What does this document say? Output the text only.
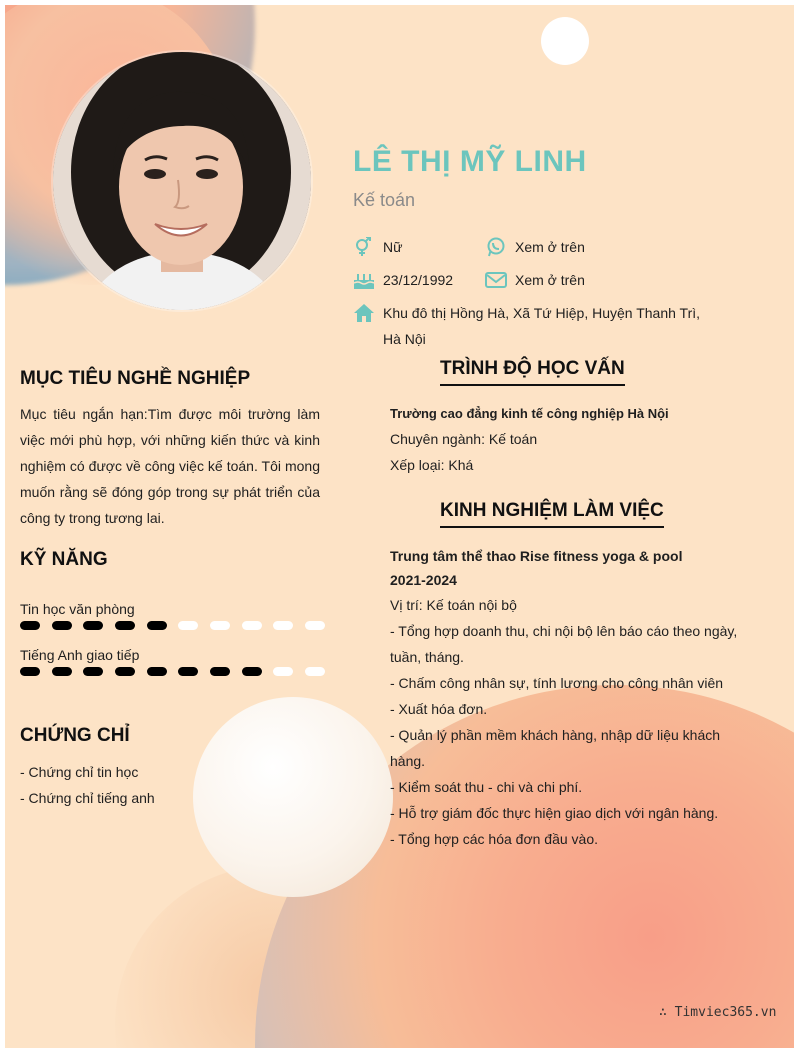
LÊ THỊ MỸ LINH
Kế toán
Nữ	Xem ở trên
23/12/1992	Xem ở trên
Khu đô thị Hồng Hà, Xã Tứ Hiệp, Huyện Thanh Trì,
Hà Nội
MỤC TIÊU NGHỀ NGHIỆP
Mục tiêu ngắn hạn:Tìm được môi trường làm việc mới phù hợp, với những kiến thức và kinh nghiệm có được về công việc kế toán. Tôi mong muốn rằng sẽ đóng góp trong sự phát triển của công ty trong tương lai.
KỸ NĂNG
Tin học văn phòng
Tiếng Anh giao tiếp
CHỨNG CHỈ
- Chứng chỉ tin học
- Chứng chỉ tiếng anh
TRÌNH ĐỘ HỌC VẤN
Trường cao đẳng kinh tế công nghiệp Hà Nội
Chuyên ngành: Kế toán
Xếp loại: Khá
KINH NGHIỆM LÀM VIỆC
Trung tâm thể thao Rise fitness yoga & pool
2021-2024
Vị trí: Kế toán nội bộ
- Tổng hợp doanh thu, chi nội bộ lên báo cáo theo ngày, tuần, tháng.
- Chấm công nhân sự, tính lương cho công nhân viên
- Xuất hóa đơn.
- Quản lý phần mềm khách hàng, nhập dữ liệu khách hàng.
- Kiểm soát thu - chi và chi phí.
- Hỗ trợ giám đốc thực hiện giao dịch với ngân hàng.
- Tổng hợp các hóa đơn đầu vào.
∴ Timviec365.vn
